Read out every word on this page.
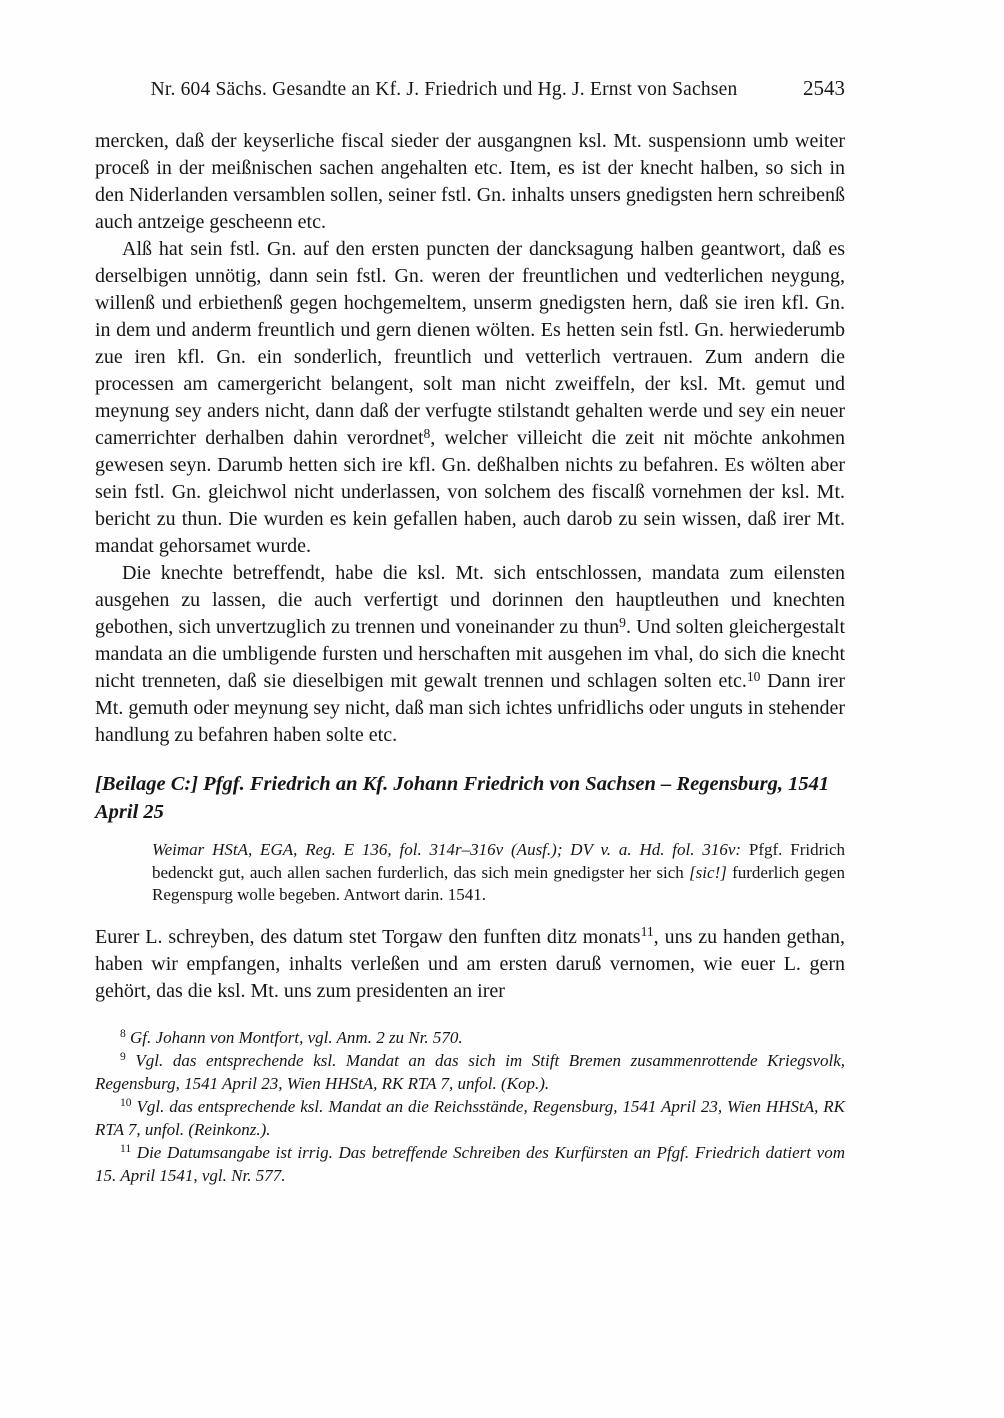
Nr. 604 Sächs. Gesandte an Kf. J. Friedrich und Hg. J. Ernst von Sachsen	2543

mercken, daß der keyserliche fiscal sieder der ausgangnen ksl. Mt. suspensionn umb weiter proceß in der meißnischen sachen angehalten etc. Item, es ist der knecht halben, so sich in den Niderlanden versamblen sollen, seiner fstl. Gn. inhalts unsers gnedigsten hern schreibenß auch antzeige gescheenn etc.

Alß hat sein fstl. Gn. auf den ersten puncten der dancksagung halben geantwort, daß es derselbigen unnötig, dann sein fstl. Gn. weren der freuntlichen und vedterlichen neygung, willenß und erbiethenß gegen hochgemeltem, unserm gnedigsten hern, daß sie iren kfl. Gn. in dem und anderm freuntlich und gern dienen wölten. Es hetten sein fstl. Gn. herwiederumb zue iren kfl. Gn. ein sonderlich, freuntlich und vetterlich vertrauen. Zum andern die processen am camergericht belangent, solt man nicht zweiffeln, der ksl. Mt. gemut und meynung sey anders nicht, dann daß der verfugte stilstandt gehalten werde und sey ein neuer camerrichter derhalben dahin verordnet$^8$, welcher villeicht die zeit nit möchte ankohmen gewesen seyn. Darumb hetten sich ire kfl. Gn. deßhalben nichts zu befahren. Es wölten aber sein fstl. Gn. gleichwol nicht underlassen, von solchem des fiscalß vornehmen der ksl. Mt. bericht zu thun. Die wurden es kein gefallen haben, auch darob zu sein wissen, daß irer Mt. mandat gehorsamet wurde.

Die knechte betreffendt, habe die ksl. Mt. sich entschlossen, mandata zum eilensten ausgehen zu lassen, die auch verfertigt und dorinnen den hauptleuthen und knechten gebothen, sich unvertzuglich zu trennen und voneinander zu thun$^9$. Und solten gleichergestalt mandata an die umbligende fursten und herschaften mit ausgehen im vhal, do sich die knecht nicht trenneten, daß sie dieselbigen mit gewalt trennen und schlagen solten etc.$^{10}$ Dann irer Mt. gemuth oder meynung sey nicht, daß man sich ichtes unfridlichs oder unguts in stehender handlung zu befahren haben solte etc.

[Beilage C:] Pfgf. Friedrich an Kf. Johann Friedrich von Sachsen – Regensburg, 1541 April 25

Weimar HStA, EGA, Reg. E 136, fol. 314r–316v (Ausf.); DV v. a. Hd. fol. 316v: Pfgf. Fridrich bedenckt gut, auch allen sachen furderlich, das sich mein gnedigster her sich [sic!] furderlich gegen Regenspurg wolle begeben. Antwort darin. 1541.

Eurer L. schreyben, des datum stet Torgaw den funften ditz monats$^{11}$, uns zu handen gethan, haben wir empfangen, inhalts verleßen und am ersten daruß vernomen, wie euer L. gern gehört, das die ksl. Mt. uns zum presidenten an irer

$^8$ Gf. Johann von Montfort, vgl. Anm. 2 zu Nr. 570.

$^9$ Vgl. das entsprechende ksl. Mandat an das sich im Stift Bremen zusammenrottende Kriegsvolk, Regensburg, 1541 April 23, Wien HHStA, RK RTA 7, unfol. (Kop.).

$^{10}$ Vgl. das entsprechende ksl. Mandat an die Reichsstände, Regensburg, 1541 April 23, Wien HHStA, RK RTA 7, unfol. (Reinkonz.).

$^{11}$ Die Datumsangabe ist irrig. Das betreffende Schreiben des Kurfürsten an Pfgf. Friedrich datiert vom 15. April 1541, vgl. Nr. 577.
